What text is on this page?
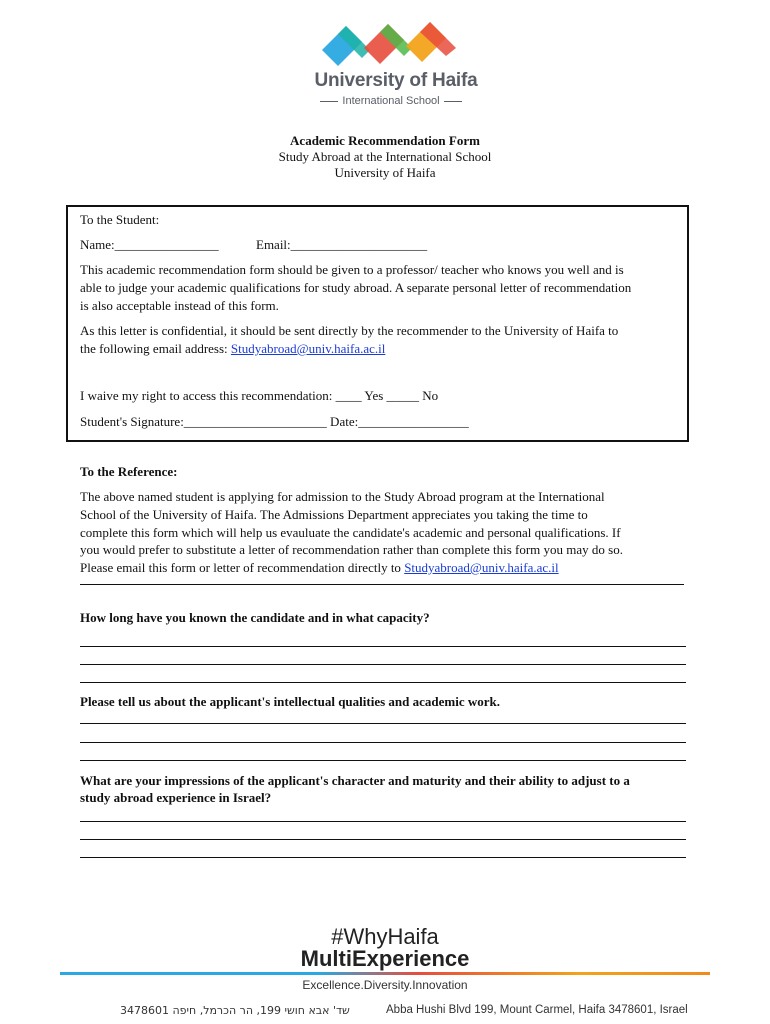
University of Haifa
International School
Academic Recommendation Form
Study Abroad at the International School
University of Haifa
To the Student:
Name:________________	Email:_____________________
This academic recommendation form should be given to a professor/ teacher who knows you well and is
able to judge your academic qualifications for study abroad. A separate personal letter of recommendation
is also acceptable instead of this form.
As this letter is confidential, it should be sent directly by the recommender to the University of Haifa to
the following email address: Studyabroad@univ.haifa.ac.il
I waive my right to access this recommendation: ____ Yes _____ No
Student's Signature:______________________ Date:_________________
To the Reference:
The above named student is applying for admission to the Study Abroad program at the International
School of the University of Haifa. The Admissions Department appreciates you taking the time to
complete this form which will help us evauluate the candidate's academic and personal qualifications. If
you would prefer to substitute a letter of recommendation rather than complete this form you may do so.
Please email this form or letter of recommendation directly to Studyabroad@univ.haifa.ac.il
How long have you known the candidate and in what capacity?
Please tell us about the applicant's intellectual qualities and academic work.
What are your impressions of the applicant's character and maturity and their ability to adjust to a
study abroad experience in Israel?
#WhyHaifa
MultiExperience
Excellence.Diversity.Innovation
שד' אבא חושי 199, הר הכרמל, חיפה 3478601	Abba Hushi Blvd 199, Mount Carmel, Haifa 3478601, Israel
